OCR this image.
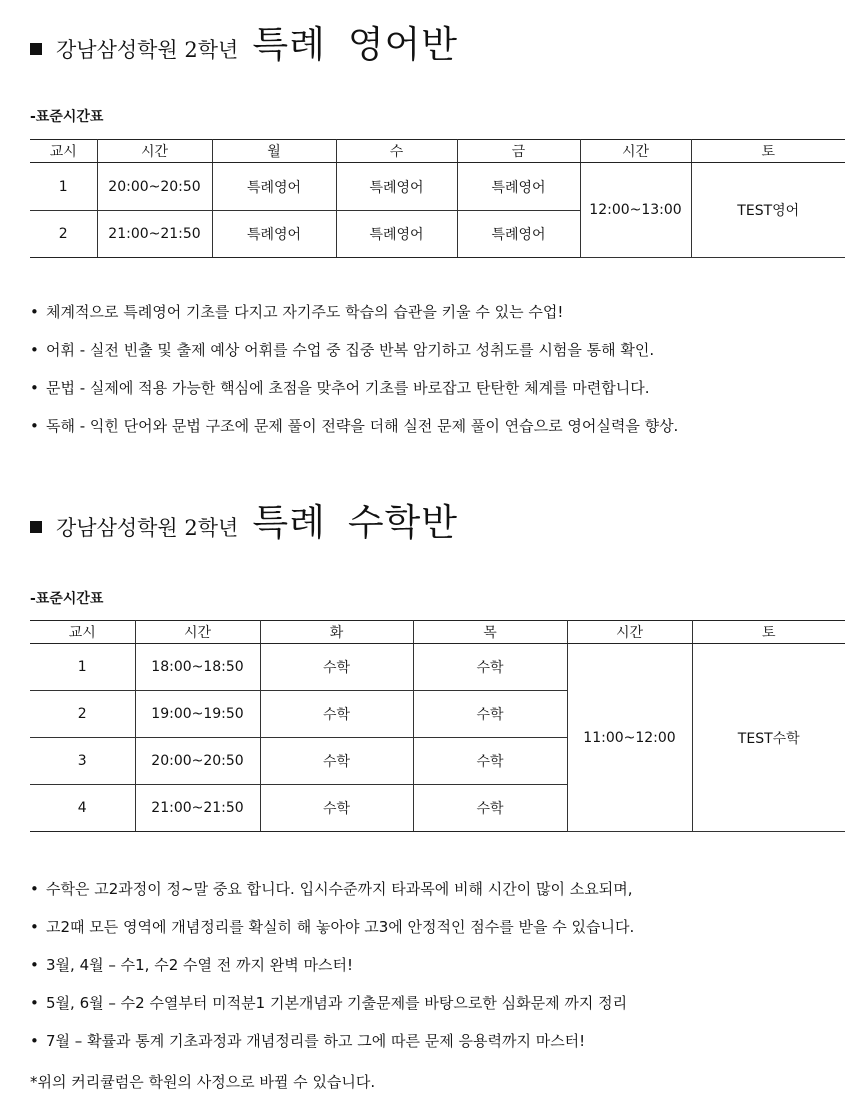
강남삼성학원 2학년 특례 영어반
-표준시간표
교시	시간	월	수	금	시간	토
1	20:00~20:50	특례영어	특례영어	특례영어	12:00~13:00	TEST영어
2	21:00~21:50	특례영어	특례영어	특례영어		
• 체계적으로 특례영어 기초를 다지고 자기주도 학습의 습관을 키울 수 있는 수업!
• 어휘 - 실전 빈출 및 출제 예상 어휘를 수업 중 집중 반복 암기하고 성취도를 시험을 통해 확인.
• 문법 - 실제에 적용 가능한 핵심에 초점을 맞추어 기초를 바로잡고 탄탄한 체계를 마련합니다.
• 독해 - 익힌 단어와 문법 구조에 문제 풀이 전략을 더해 실전 문제 풀이 연습으로 영어실력을 향상.
강남삼성학원 2학년 특례 수학반
-표준시간표
교시	시간	화	목	시간	토
1	18:00~18:50	수학	수학	11:00~12:00	TEST수학
2	19:00~19:50	수학	수학		
3	20:00~20:50	수학	수학		
4	21:00~21:50	수학	수학		
• 수학은 고2과정이 정~말 중요 합니다. 입시수준까지 타과목에 비해 시간이 많이 소요되며,
• 고2때 모든 영역에 개념정리를 확실히 해 놓아야 고3에 안정적인 점수를 받을 수 있습니다.
• 3월, 4월 – 수1, 수2 수열 전 까지 완벽 마스터!
• 5월, 6월 – 수2 수열부터 미적분1 기본개념과 기출문제를 바탕으로한 심화문제 까지 정리
• 7월 – 확률과 통계 기초과정과 개념정리를 하고 그에 따른 문제 응용력까지 마스터!
*위의 커리큘럼은 학원의 사정으로 바뀔 수 있습니다.
